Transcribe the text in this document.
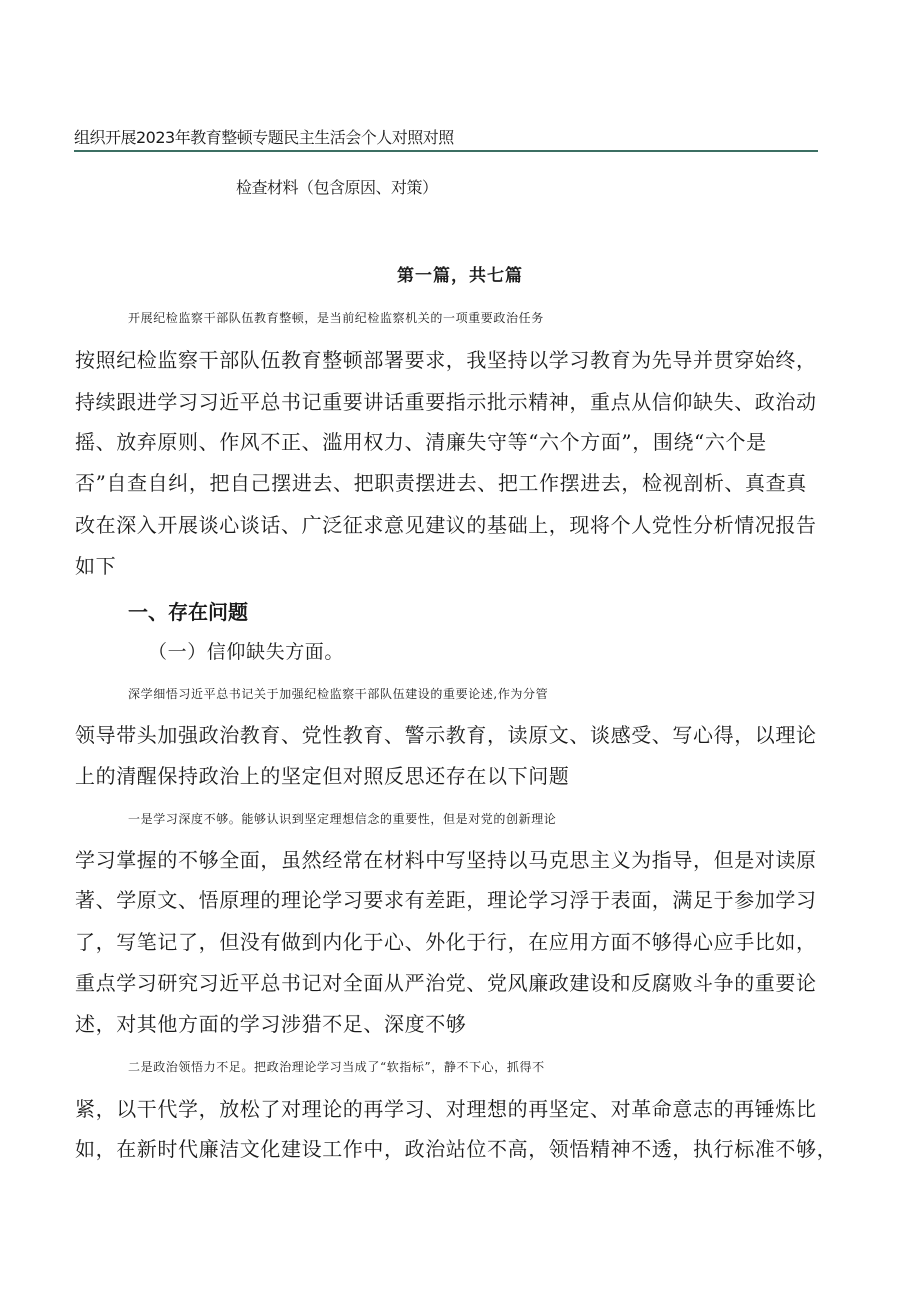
组织开展2023年教育整顿专题民主生活会个人对照对照
检查材料（包含原因、对策）
第一篇，共七篇
开展纪检监察干部队伍教育整顿，是当前纪检监察机关的一项重要政治任务
按照纪检监察干部队伍教育整顿部署要求，我坚持以学习教育为先导并贯穿始终，
持续跟进学习习近平总书记重要讲话重要指示批示精神，重点从信仰缺失、政治动
摇、放弃原则、作风不正、滥用权力、清廉失守等“六个方面”，围绕“六个是
否”自查自纠，把自己摆进去、把职责摆进去、把工作摆进去，检视剖析、真查真
改在深入开展谈心谈话、广泛征求意见建议的基础上，现将个人党性分析情况报告
如下
一、存在问题
（一）信仰缺失方面。
深学细悟习近平总书记关于加强纪检监察干部队伍建设的重要论述,作为分管
领导带头加强政治教育、党性教育、警示教育，读原文、谈感受、写心得，以理论
上的清醒保持政治上的坚定但对照反思还存在以下问题
一是学习深度不够。能够认识到坚定理想信念的重要性，但是对党的创新理论
学习掌握的不够全面，虽然经常在材料中写坚持以马克思主义为指导，但是对读原
著、学原文、悟原理的理论学习要求有差距，理论学习浮于表面，满足于参加学习
了，写笔记了，但没有做到内化于心、外化于行，在应用方面不够得心应手比如，
重点学习研究习近平总书记对全面从严治党、党风廉政建设和反腐败斗争的重要论
述，对其他方面的学习涉猎不足、深度不够
二是政治领悟力不足。把政治理论学习当成了“软指标”，静不下心，抓得不
紧，以干代学，放松了对理论的再学习、对理想的再坚定、对革命意志的再锤炼比
如，在新时代廉洁文化建设工作中，政治站位不高，领悟精神不透，执行标准不够，
